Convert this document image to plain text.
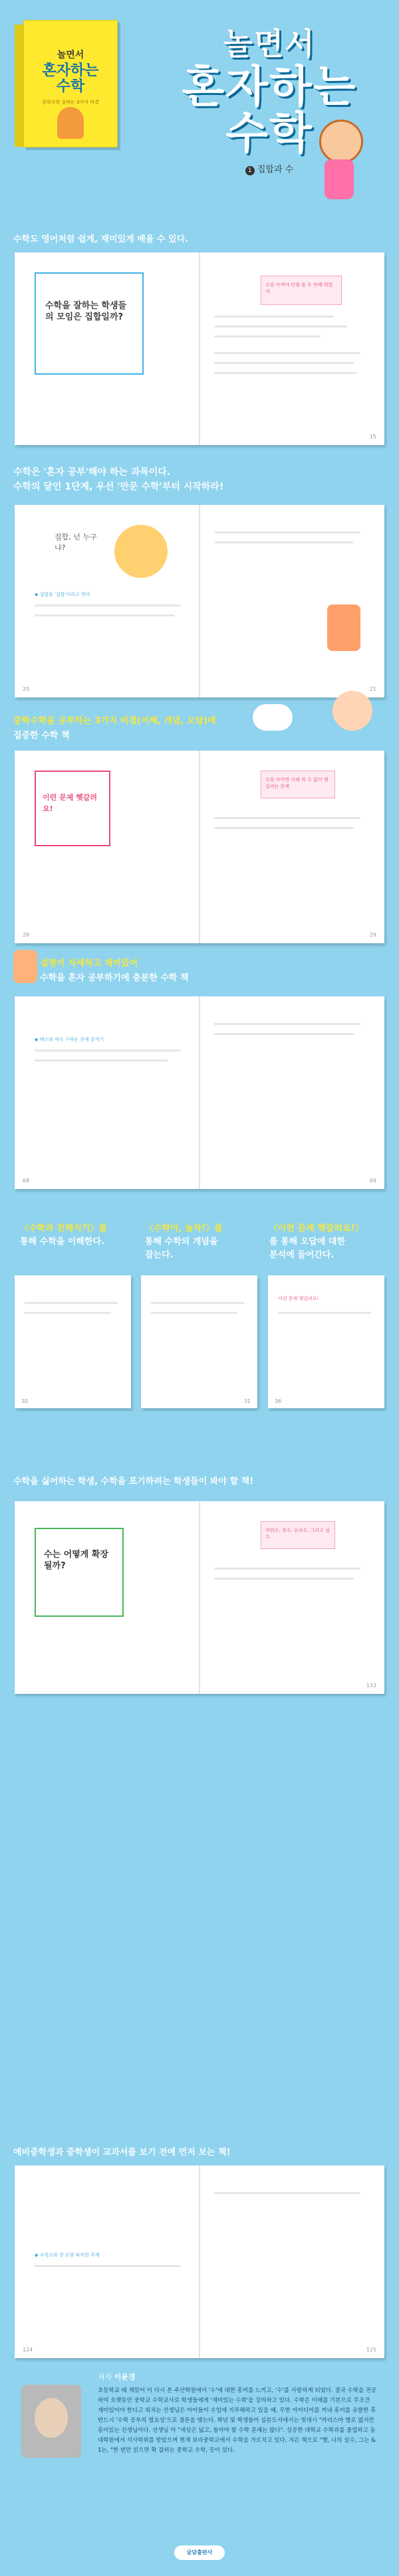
놀면서
혼자하는
수학
중학수학 잘하는 3가지 비결
놀면서
혼자하는 수학
1 집합과 수
수학도 영어처럼 쉽게, 재미있게 배울 수 있다.
수학을 잘하는 학생들의 모임은 집합일까?
수를 아껴야 단점 을 두 번째 엮었어
15
수학은 '혼자 공부'해야 하는 과목이다.
수학의 달인 1단계, 우선 '만문 수학'부터 시작하라!
집합, 넌 누구냐?
◆ 집합을 '집합'이라고 한다
20	21
중학수학을 공부하는 3가지 비결(이해, 개념, 오답)에
집중한 수학 책
이런 문제 헷갈려요!
수를 아끼면 이해 학 수 없어 헷갈리는 문제
28	29
설명이 자세하고 재미있어
수학을 혼자 공부하기에 충분한 수학 책
◆ 배수와 약수 구하는 문제 분석기
68	69
〈수학과 친해지기〉를
통해 수학을 이해한다.
〈수학아, 놀자!〉를
통해 수학의 개념을
잡는다.
〈이런 문제 헷갈려요!〉
를 통해 오답에 대한
분석에 들어간다.
30	31
이런 문제 헷갈려요!
36
수학을 싫어하는 학생, 수학을 포기하려는 학생들이 봐야 할 책!
수는 어떻게 확장될까?
자연수, 정수, 유리수, 그리고 실수
133
예비중학생과 중학생이 교과서를 보기 전에 먼저 보는 책!
◆ 수학교과 첫 모양 파악한 주제
124	125
저자 이윤경
초등학교 때 재밌어 이 다시 본 주산학원에서 '수'에 대한 흥미를 느끼고, '수'를 사랑하게 되었다. 결국 수학을 전공하여 오랫동안 중학교 수학교사로 학생들에게 '재미있는 수학'을 강의하고 있다. 수학은 이해를 기본으로 무조건 재미있어야 한다고 외치는 선생님은 아이들이 수업에 지루해하고 있을 때, 무한 아이디어를 꺼내 흥미를 유발한 후 반드시 '수학 공부의 필요성'으로 결론을 맺는다. 학년 및 학생들이 심분도서에서는 멋대시 "카리스마 별로 없지만 흥미있는 선생님이다. 선생님 아 "세상은 넓고, 돌아야 할 수학 문제는 많다". 성공한 대학교 수학과를 졸업하고 동 대학원에서 석사학위를 받았으며 현재 보라중학교에서 수학을 가르치고 있다. 지은 책으로 "헷, 너의 실수, 그는 & 1는, "한 번만 읽으면 확 잡히는 중학교 수학, 등이 있다.
글담출판사
